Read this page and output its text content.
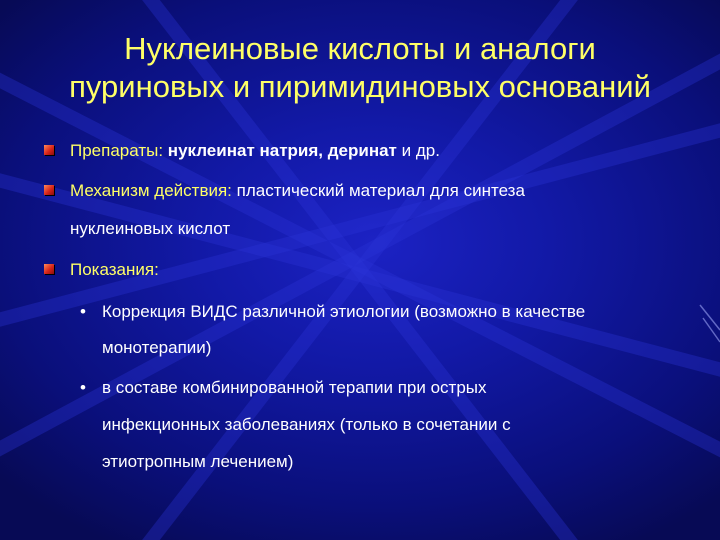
Нуклеиновые кислоты и аналоги
пуриновых и пиримидиновых оснований
Препараты: нуклеинат натрия, деринат и др.
Механизм действия: пластический материал для синтеза
нуклеиновых кислот
Показания:
• Коррекция ВИДС различной этиологии (возможно в качестве
монотерапии)
• в составе комбинированной терапии при острых
инфекционных заболеваниях (только в сочетании с
этиотропным лечением)
